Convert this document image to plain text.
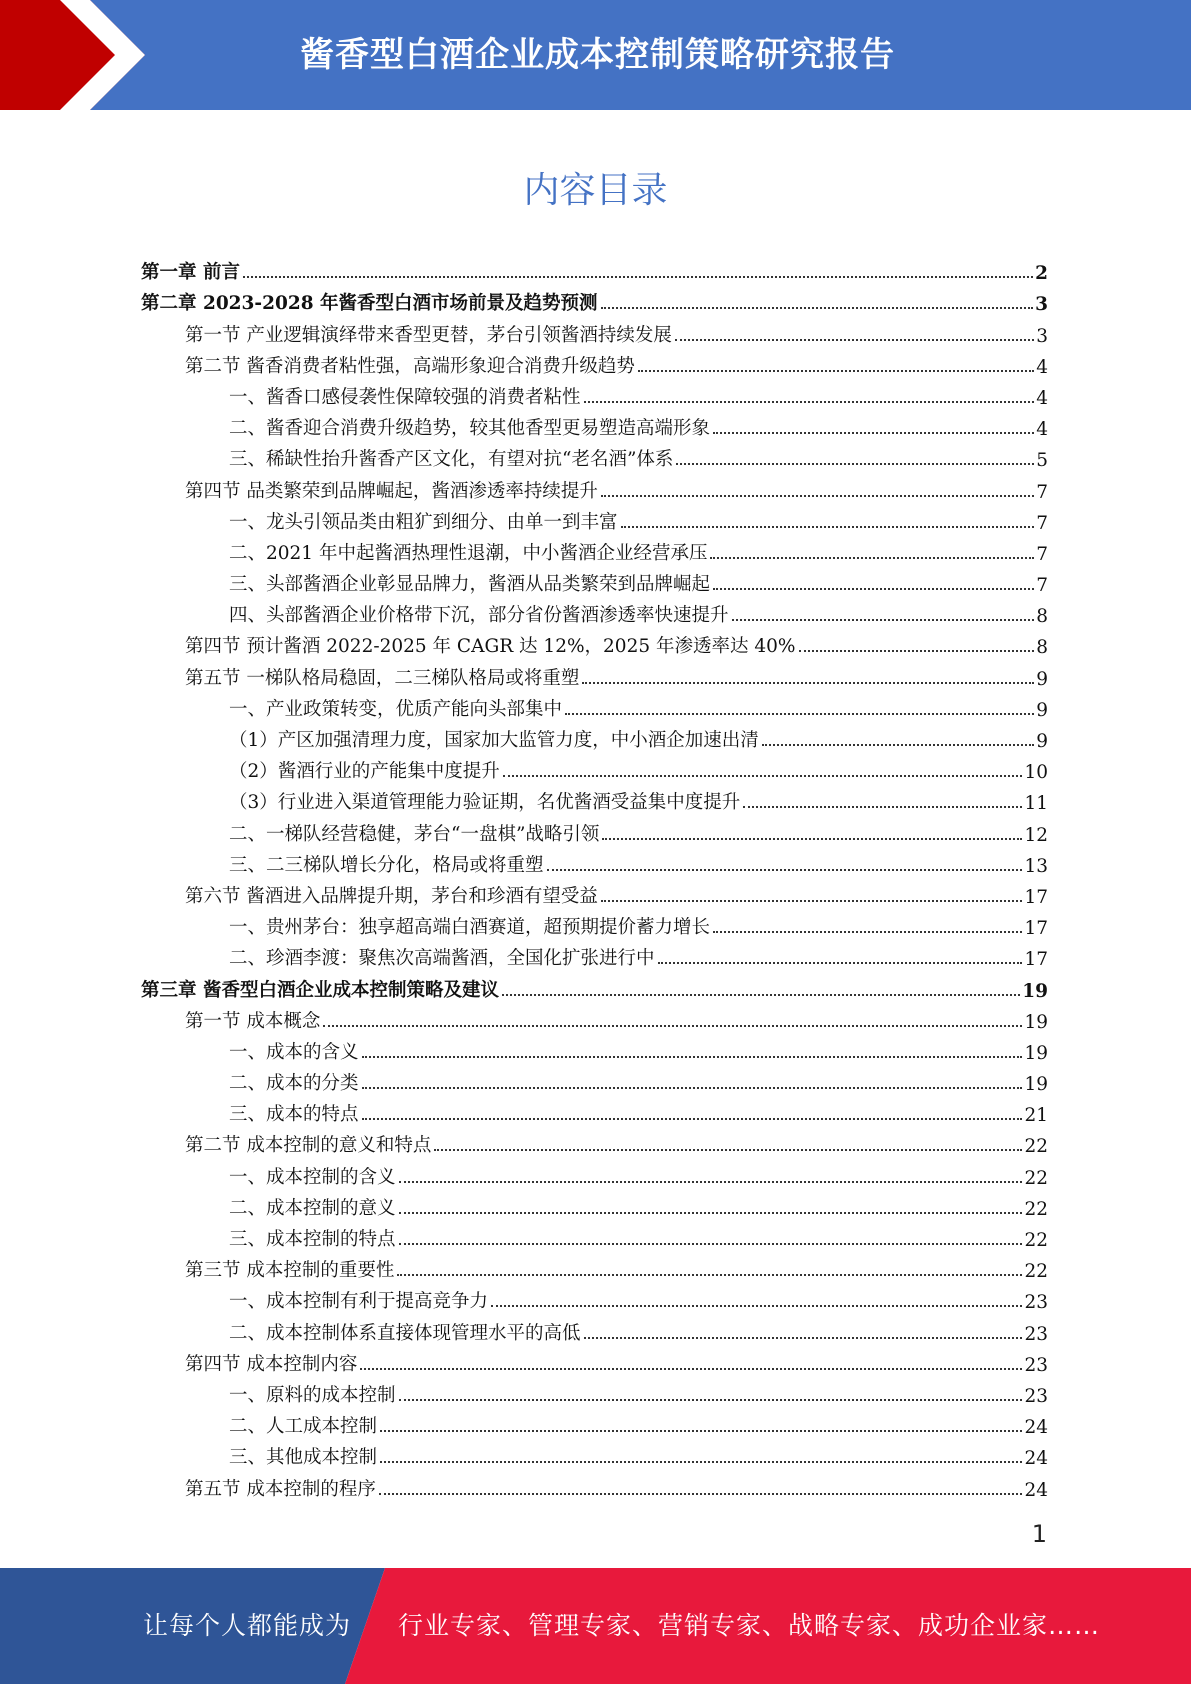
酱香型白酒企业成本控制策略研究报告
内容目录
第一章 前言	2
第二章 2023-2028 年酱香型白酒市场前景及趋势预测	3
第一节 产业逻辑演绎带来香型更替，茅台引领酱酒持续发展	3
第二节 酱香消费者粘性强，高端形象迎合消费升级趋势	4
一、酱香口感侵袭性保障较强的消费者粘性	4
二、酱香迎合消费升级趋势，较其他香型更易塑造高端形象	4
三、稀缺性抬升酱香产区文化，有望对抗“老名酒”体系	5
第四节 品类繁荣到品牌崛起，酱酒渗透率持续提升	7
一、龙头引领品类由粗犷到细分、由单一到丰富	7
二、2021 年中起酱酒热理性退潮，中小酱酒企业经营承压	7
三、头部酱酒企业彰显品牌力，酱酒从品类繁荣到品牌崛起	7
四、头部酱酒企业价格带下沉，部分省份酱酒渗透率快速提升	8
第四节 预计酱酒 2022-2025 年 CAGR 达 12%，2025 年渗透率达 40%	8
第五节 一梯队格局稳固，二三梯队格局或将重塑	9
一、产业政策转变，优质产能向头部集中	9
（1）产区加强清理力度，国家加大监管力度，中小酒企加速出清	9
（2）酱酒行业的产能集中度提升	10
（3）行业进入渠道管理能力验证期，名优酱酒受益集中度提升	11
二、一梯队经营稳健，茅台“一盘棋”战略引领	12
三、二三梯队增长分化，格局或将重塑	13
第六节 酱酒进入品牌提升期，茅台和珍酒有望受益	17
一、贵州茅台：独享超高端白酒赛道，超预期提价蓄力增长	17
二、珍酒李渡：聚焦次高端酱酒，全国化扩张进行中	17
第三章 酱香型白酒企业成本控制策略及建议	19
第一节 成本概念	19
一、成本的含义	19
二、成本的分类	19
三、成本的特点	21
第二节 成本控制的意义和特点	22
一、成本控制的含义	22
二、成本控制的意义	22
三、成本控制的特点	22
第三节 成本控制的重要性	22
一、成本控制有利于提高竞争力	23
二、成本控制体系直接体现管理水平的高低	23
第四节 成本控制内容	23
一、原料的成本控制	23
二、人工成本控制	24
三、其他成本控制	24
第五节 成本控制的程序	24
1
让每个人都能成为 行业专家、管理专家、营销专家、战略专家、成功企业家……
